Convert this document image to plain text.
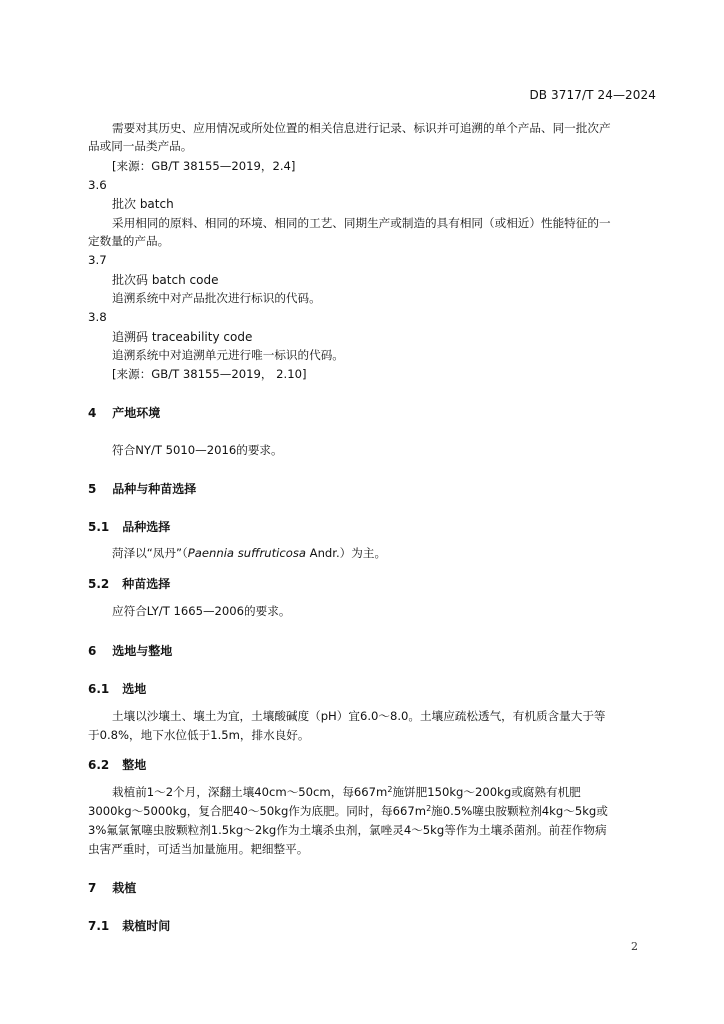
DB 3717/T 24—2024
需要对其历史、应用情况或所处位置的相关信息进行记录、标识并可追溯的单个产品、同一批次产
品或同一品类产品。
[来源：GB/T 38155—2019，2.4]
3.6
批次 batch
采用相同的原料、相同的环境、相同的工艺、同期生产或制造的具有相同（或相近）性能特征的一
定数量的产品。
3.7
批次码 batch code
追溯系统中对产品批次进行标识的代码。
3.8
追溯码 traceability code
追溯系统中对追溯单元进行唯一标识的代码。
[来源：GB/T 38155—2019， 2.10]
4 产地环境
符合NY/T 5010—2016的要求。
5 品种与种苗选择
5.1 品种选择
菏泽以“凤丹”（Paennia suffruticosa Andr.）为主。
5.2 种苗选择
应符合LY/T 1665—2006的要求。
6 选地与整地
6.1 选地
土壤以沙壤土、壤土为宜，土壤酸碱度（pH）宜6.0～8.0。土壤应疏松透气，有机质含量大于等
于0.8%，地下水位低于1.5m，排水良好。
6.2 整地
栽植前1～2个月，深翻土壤40cm～50cm，每$667m^2$施饼肥150kg～200kg或腐熟有机肥
3000kg～5000kg，复合肥40～50kg作为底肥。同时，每$667m^2$施0.5%噻虫胺颗粒剂4kg～5kg或
3%氟氯氰噻虫胺颗粒剂1.5kg～2kg作为土壤杀虫剂，氯唑灵4～5kg等作为土壤杀菌剂。前茬作物病
虫害严重时，可适当加量施用。耙细整平。
7 栽植
7.1 栽植时间
2
